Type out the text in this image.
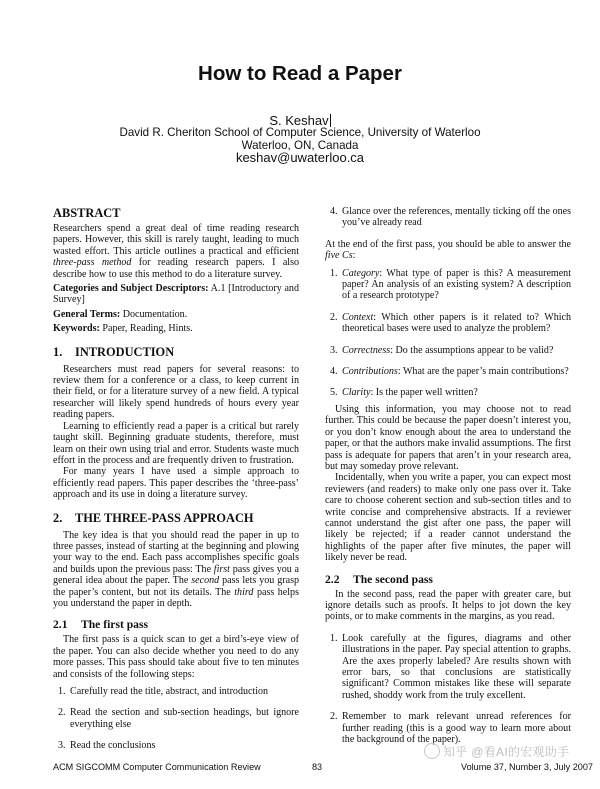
How to Read a Paper
S. Keshav
David R. Cheriton School of Computer Science, University of Waterloo
Waterloo, ON, Canada
keshav@uwaterloo.ca
ABSTRACT

Researchers spend a great deal of time reading research papers. However, this skill is rarely taught, leading to much wasted effort. This article outlines a practical and efficient three-pass method for reading research papers. I also describe how to use this method to do a literature survey.

Categories and Subject Descriptors: A.1 [Introductory and Survey]

General Terms: Documentation.

Keywords: Paper, Reading, Hints.

1. INTRODUCTION

Researchers must read papers for several reasons: to review them for a conference or a class, to keep current in their field, or for a literature survey of a new field. A typical researcher will likely spend hundreds of hours every year reading papers.

Learning to efficiently read a paper is a critical but rarely taught skill. Beginning graduate students, therefore, must learn on their own using trial and error. Students waste much effort in the process and are frequently driven to frustration.

For many years I have used a simple approach to efficiently read papers. This paper describes the ‘three-pass’ approach and its use in doing a literature survey.

2. THE THREE-PASS APPROACH

The key idea is that you should read the paper in up to three passes, instead of starting at the beginning and plowing your way to the end. Each pass accomplishes specific goals and builds upon the previous pass: The first pass gives you a general idea about the paper. The second pass lets you grasp the paper’s content, but not its details. The third pass helps you understand the paper in depth.

2.1 The first pass

The first pass is a quick scan to get a bird’s-eye view of the paper. You can also decide whether you need to do any more passes. This pass should take about five to ten minutes and consists of the following steps:

1. Carefully read the title, abstract, and introduction
2. Read the section and sub-section headings, but ignore everything else
3. Read the conclusions
4. Glance over the references, mentally ticking off the ones you’ve already read

At the end of the first pass, you should be able to answer the five Cs:

1. Category: What type of paper is this? A measurement paper? An analysis of an existing system? A description of a research prototype?
2. Context: Which other papers is it related to? Which theoretical bases were used to analyze the problem?
3. Correctness: Do the assumptions appear to be valid?
4. Contributions: What are the paper’s main contributions?
5. Clarity: Is the paper well written?

Using this information, you may choose not to read further. This could be because the paper doesn’t interest you, or you don’t know enough about the area to understand the paper, or that the authors make invalid assumptions. The first pass is adequate for papers that aren’t in your research area, but may someday prove relevant.

Incidentally, when you write a paper, you can expect most reviewers (and readers) to make only one pass over it. Take care to choose coherent section and sub-section titles and to write concise and comprehensive abstracts. If a reviewer cannot understand the gist after one pass, the paper will likely be rejected; if a reader cannot understand the highlights of the paper after five minutes, the paper will likely never be read.

2.2 The second pass

In the second pass, read the paper with greater care, but ignore details such as proofs. It helps to jot down the key points, or to make comments in the margins, as you read.

1. Look carefully at the figures, diagrams and other illustrations in the paper. Pay special attention to graphs. Are the axes properly labeled? Are results shown with error bars, so that conclusions are statistically significant? Common mistakes like these will separate rushed, shoddy work from the truly excellent.
2. Remember to mark relevant unread references for further reading (this is a good way to learn more about the background of the paper).
ACM SIGCOMM Computer Communication Review	83	Volume 37, Number 3, July 2007
知乎 @看AI的宏观助手
